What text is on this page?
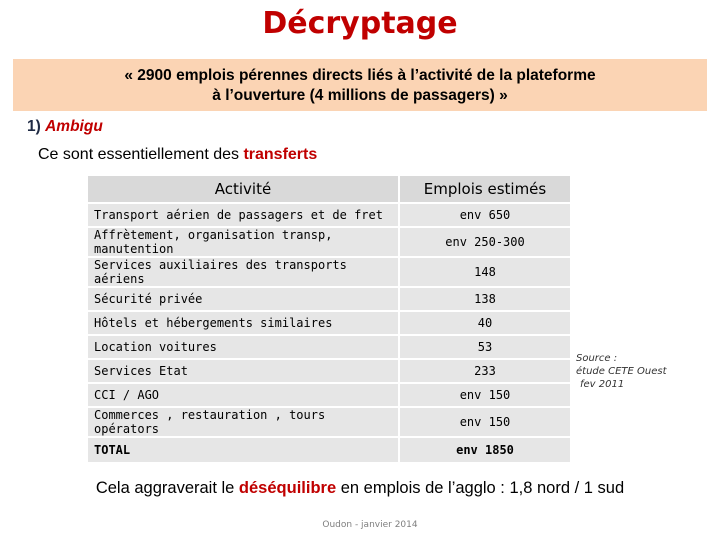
Décryptage
« 2900 emplois pérennes directs liés à l’activité de la plateforme
à l’ouverture (4 millions de passagers) »
1) Ambigu
Ce sont essentiellement des transferts
Activité	Emplois estimés
Transport aérien de passagers et de fret	env 650
Affrètement, organisation transp, manutention	env 250-300
Services auxiliaires des transports aériens	148
Sécurité privée	138
Hôtels et hébergements similaires	40
Location voitures	53
Services Etat	233
CCI / AGO	env 150
Commerces , restauration , tours opérators	env 150
TOTAL	env 1850
Source :
étude CETE Ouest
fev 2011
Cela aggraverait le déséquilibre en emplois de l’agglo : 1,8 nord / 1 sud
Oudon - janvier 2014
